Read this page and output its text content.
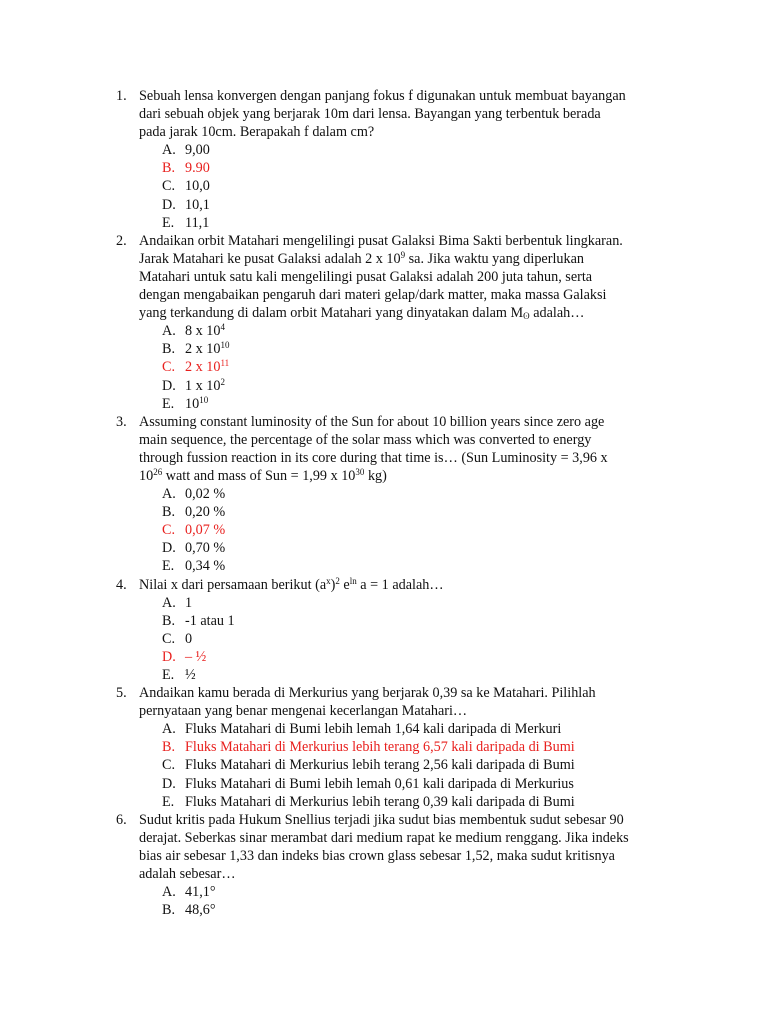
1. Sebuah lensa konvergen dengan panjang fokus f digunakan untuk membuat bayangan
dari sebuah objek yang berjarak 10m dari lensa. Bayangan yang terbentuk berada
pada jarak 10cm. Berapakah f dalam cm?
A. 9,00
B. 9.90
C. 10,0
D. 10,1
E. 11,1
2. Andaikan orbit Matahari mengelilingi pusat Galaksi Bima Sakti berbentuk lingkaran.
Jarak Matahari ke pusat Galaksi adalah 2 x $10^9$ sa. Jika waktu yang diperlukan
Matahari untuk satu kali mengelilingi pusat Galaksi adalah 200 juta tahun, serta
dengan mengabaikan pengaruh dari materi gelap/dark matter, maka massa Galaksi
yang terkandung di dalam orbit Matahari yang dinyatakan dalam $M_ʘ$ adalah…
A. 8 x $10^4$
B. 2 x $10^{10}$
C. 2 x $10^{11}$
D. 1 x $10^2$
E. $10^{10}$
3. Assuming constant luminosity of the Sun for about 10 billion years since zero age
main sequence, the percentage of the solar mass which was converted to energy
through fussion reaction in its core during that time is… (Sun Luminosity = 3,96 x
$10^{26}$ watt and mass of Sun = 1,99 x $10^{30}$ kg)
A. 0,02 %
B. 0,20 %
C. 0,07 %
D. 0,70 %
E. 0,34 %
4. Nilai x dari persamaan berikut $(a^x)^2$ $e^{ln}$ a = 1 adalah…
A. 1
B. -1 atau 1
C. 0
D. – ½
E. ½
5. Andaikan kamu berada di Merkurius yang berjarak 0,39 sa ke Matahari. Pilihlah
pernyataan yang benar mengenai kecerlangan Matahari…
A. Fluks Matahari di Bumi lebih lemah 1,64 kali daripada di Merkuri
B. Fluks Matahari di Merkurius lebih terang 6,57 kali daripada di Bumi
C. Fluks Matahari di Merkurius lebih terang 2,56 kali daripada di Bumi
D. Fluks Matahari di Bumi lebih lemah 0,61 kali daripada di Merkurius
E. Fluks Matahari di Merkurius lebih terang 0,39 kali daripada di Bumi
6. Sudut kritis pada Hukum Snellius terjadi jika sudut bias membentuk sudut sebesar 90
derajat. Seberkas sinar merambat dari medium rapat ke medium renggang. Jika indeks
bias air sebesar 1,33 dan indeks bias crown glass sebesar 1,52, maka sudut kritisnya
adalah sebesar…
A. 41,1°
B. 48,6°
